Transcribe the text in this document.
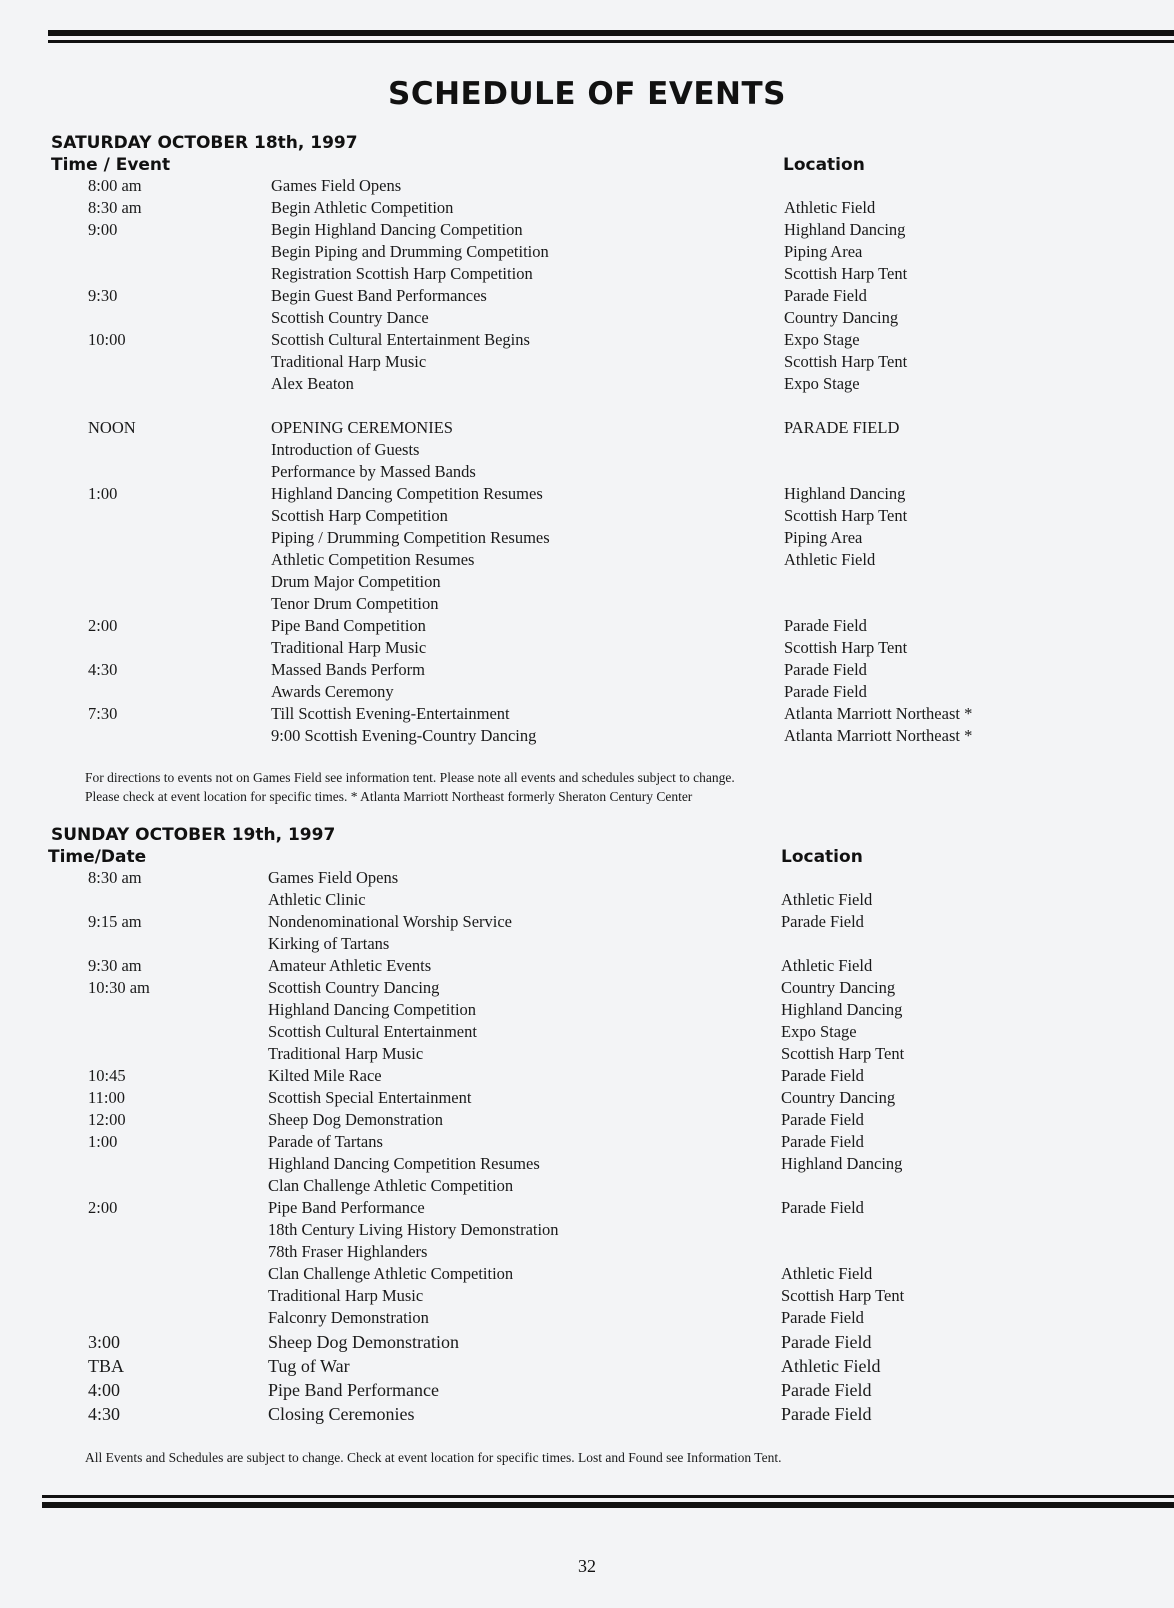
SCHEDULE OF EVENTS
SATURDAY OCTOBER 18th, 1997
Time / Event	Location
8:00 am	Games Field Opens
8:30 am	Begin Athletic Competition	Athletic Field
9:00	Begin Highland Dancing Competition	Highland Dancing
Begin Piping and Drumming Competition	Piping Area
Registration Scottish Harp Competition	Scottish Harp Tent
9:30	Begin Guest Band Performances	Parade Field
Scottish Country Dance	Country Dancing
10:00	Scottish Cultural Entertainment Begins	Expo Stage
Traditional Harp Music	Scottish Harp Tent
Alex Beaton	Expo Stage
NOON	OPENING CEREMONIES	PARADE FIELD
Introduction of Guests
Performance by Massed Bands
1:00	Highland Dancing Competition Resumes	Highland Dancing
Scottish Harp Competition	Scottish Harp Tent
Piping / Drumming Competition Resumes	Piping Area
Athletic Competition Resumes	Athletic Field
Drum Major Competition
Tenor Drum Competition
2:00	Pipe Band Competition	Parade Field
Traditional Harp Music	Scottish Harp Tent
4:30	Massed Bands Perform	Parade Field
Awards Ceremony	Parade Field
7:30	Till Scottish Evening-Entertainment	Atlanta Marriott Northeast *
9:00 Scottish Evening-Country Dancing	Atlanta Marriott Northeast *
For directions to events not on Games Field see information tent. Please note all events and schedules subject to change.
Please check at event location for specific times. * Atlanta Marriott Northeast formerly Sheraton Century Center
SUNDAY OCTOBER 19th, 1997
Time/Date	Location
8:30 am	Games Field Opens
Athletic Clinic	Athletic Field
9:15 am	Nondenominational Worship Service	Parade Field
Kirking of Tartans
9:30 am	Amateur Athletic Events	Athletic Field
10:30 am	Scottish Country Dancing	Country Dancing
Highland Dancing Competition	Highland Dancing
Scottish Cultural Entertainment	Expo Stage
Traditional Harp Music	Scottish Harp Tent
10:45	Kilted Mile Race	Parade Field
11:00	Scottish Special Entertainment	Country Dancing
12:00	Sheep Dog Demonstration	Parade Field
1:00	Parade of Tartans	Parade Field
Highland Dancing Competition Resumes	Highland Dancing
Clan Challenge Athletic Competition
2:00	Pipe Band Performance	Parade Field
18th Century Living History Demonstration
78th Fraser Highlanders
Clan Challenge Athletic Competition	Athletic Field
Traditional Harp Music	Scottish Harp Tent
Falconry Demonstration	Parade Field
3:00	Sheep Dog Demonstration	Parade Field
TBA	Tug of War	Athletic Field
4:00	Pipe Band Performance	Parade Field
4:30	Closing Ceremonies	Parade Field
All Events and Schedules are subject to change. Check at event location for specific times. Lost and Found see Information Tent.
32
